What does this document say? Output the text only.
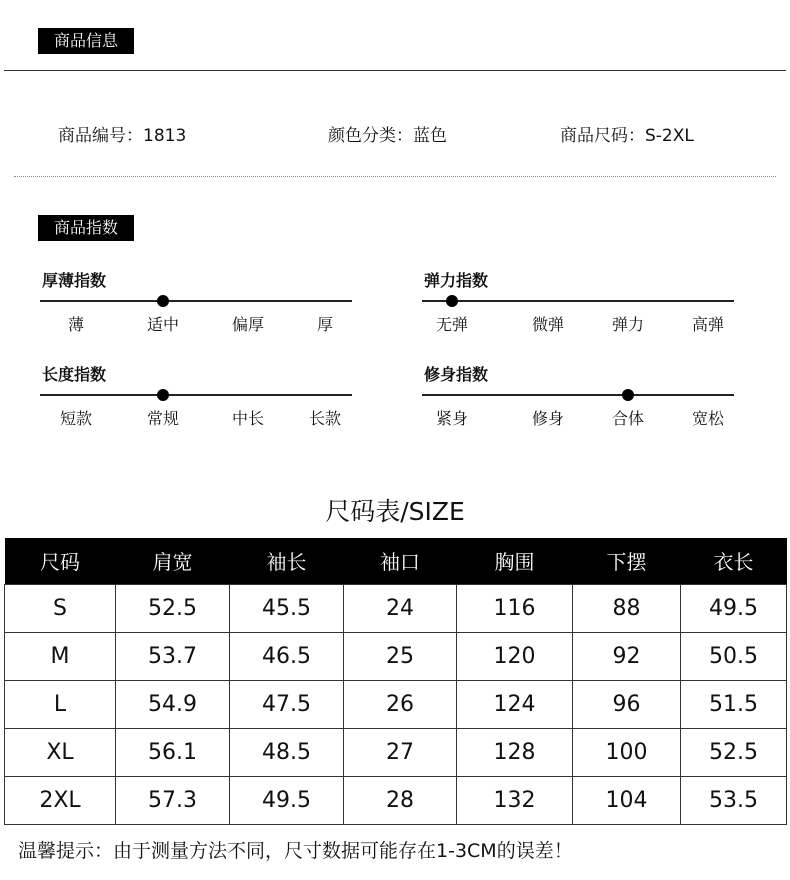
商品信息
商品编号：1813	颜色分类：蓝色	商品尺码：S-2XL
商品指数
厚薄指数
薄	适中	偏厚	厚
弹力指数
无弹	微弹	弹力	高弹
长度指数
短款	常规	中长	长款
修身指数
紧身	修身	合体	宽松
尺码表/SIZE
尺码	肩宽	袖长	袖口	胸围	下摆	衣长
S	52.5	45.5	24	116	88	49.5
M	53.7	46.5	25	120	92	50.5
L	54.9	47.5	26	124	96	51.5
XL	56.1	48.5	27	128	100	52.5
2XL	57.3	49.5	28	132	104	53.5
温馨提示：由于测量方法不同，尺寸数据可能存在1-3CM的误差！
